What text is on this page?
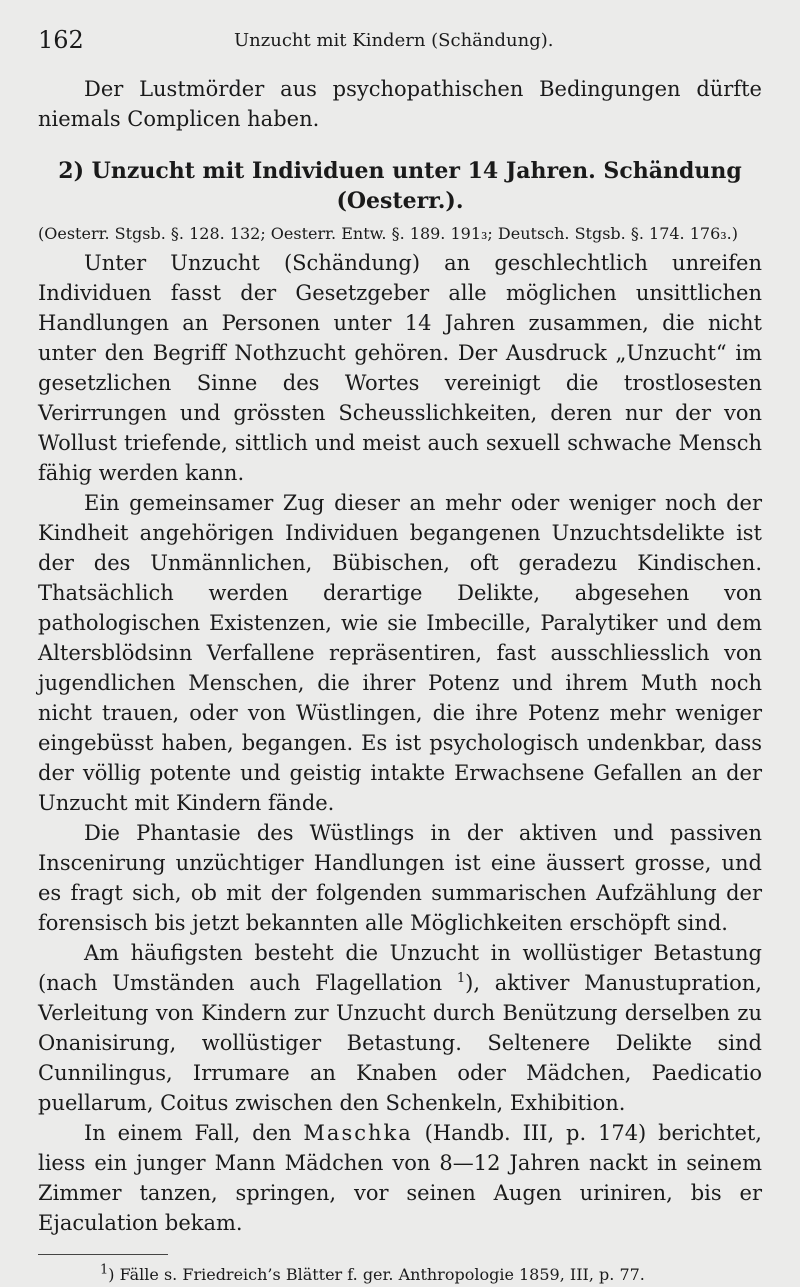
162	Unzucht mit Kindern (Schändung).

Der Lustmörder aus psychopathischen Bedingungen dürfte niemals Complicen haben.

2) Unzucht mit Individuen unter 14 Jahren. Schändung (Oesterr.).

(Oesterr. Stgsb. §. 128. 132; Oesterr. Entw. §. 189. 191₃; Deutsch. Stgsb. §. 174. 176₃.)

Unter Unzucht (Schändung) an geschlechtlich unreifen Individuen fasst der Gesetzgeber alle möglichen unsittlichen Handlungen an Personen unter 14 Jahren zusammen, die nicht unter den Begriff Nothzucht gehören. Der Ausdruck „Unzucht“ im gesetzlichen Sinne des Wortes vereinigt die trostlosesten Verirrungen und grössten Scheusslichkeiten, deren nur der von Wollust triefende, sittlich und meist auch sexuell schwache Mensch fähig werden kann.

Ein gemeinsamer Zug dieser an mehr oder weniger noch der Kindheit angehörigen Individuen begangenen Unzuchtsdelikte ist der des Unmännlichen, Bübischen, oft geradezu Kindischen. Thatsächlich werden derartige Delikte, abgesehen von pathologischen Existenzen, wie sie Imbecille, Paralytiker und dem Altersblödsinn Verfallene repräsentiren, fast ausschliesslich von jugendlichen Menschen, die ihrer Potenz und ihrem Muth noch nicht trauen, oder von Wüstlingen, die ihre Potenz mehr weniger eingebüsst haben, begangen. Es ist psychologisch undenkbar, dass der völlig potente und geistig intakte Erwachsene Gefallen an der Unzucht mit Kindern fände.

Die Phantasie des Wüstlings in der aktiven und passiven Inscenirung unzüchtiger Handlungen ist eine äussert grosse, und es fragt sich, ob mit der folgenden summarischen Aufzählung der forensisch bis jetzt bekannten alle Möglichkeiten erschöpft sind.

Am häufigsten besteht die Unzucht in wollüstiger Betastung (nach Umständen auch Flagellation $^1$), aktiver Manustupration, Verleitung von Kindern zur Unzucht durch Benützung derselben zu Onanisirung, wollüstiger Betastung. Seltenere Delikte sind Cunnilingus, Irrumare an Knaben oder Mädchen, Paedicatio puellarum, Coitus zwischen den Schenkeln, Exhibition.

In einem Fall, den Maschka (Handb. III, p. 174) berichtet, liess ein junger Mann Mädchen von 8—12 Jahren nackt in seinem Zimmer tanzen, springen, vor seinen Augen uriniren, bis er Ejaculation bekam.

$^1$) Fälle s. Friedreich’s Blätter f. ger. Anthropologie 1859, III, p. 77.
